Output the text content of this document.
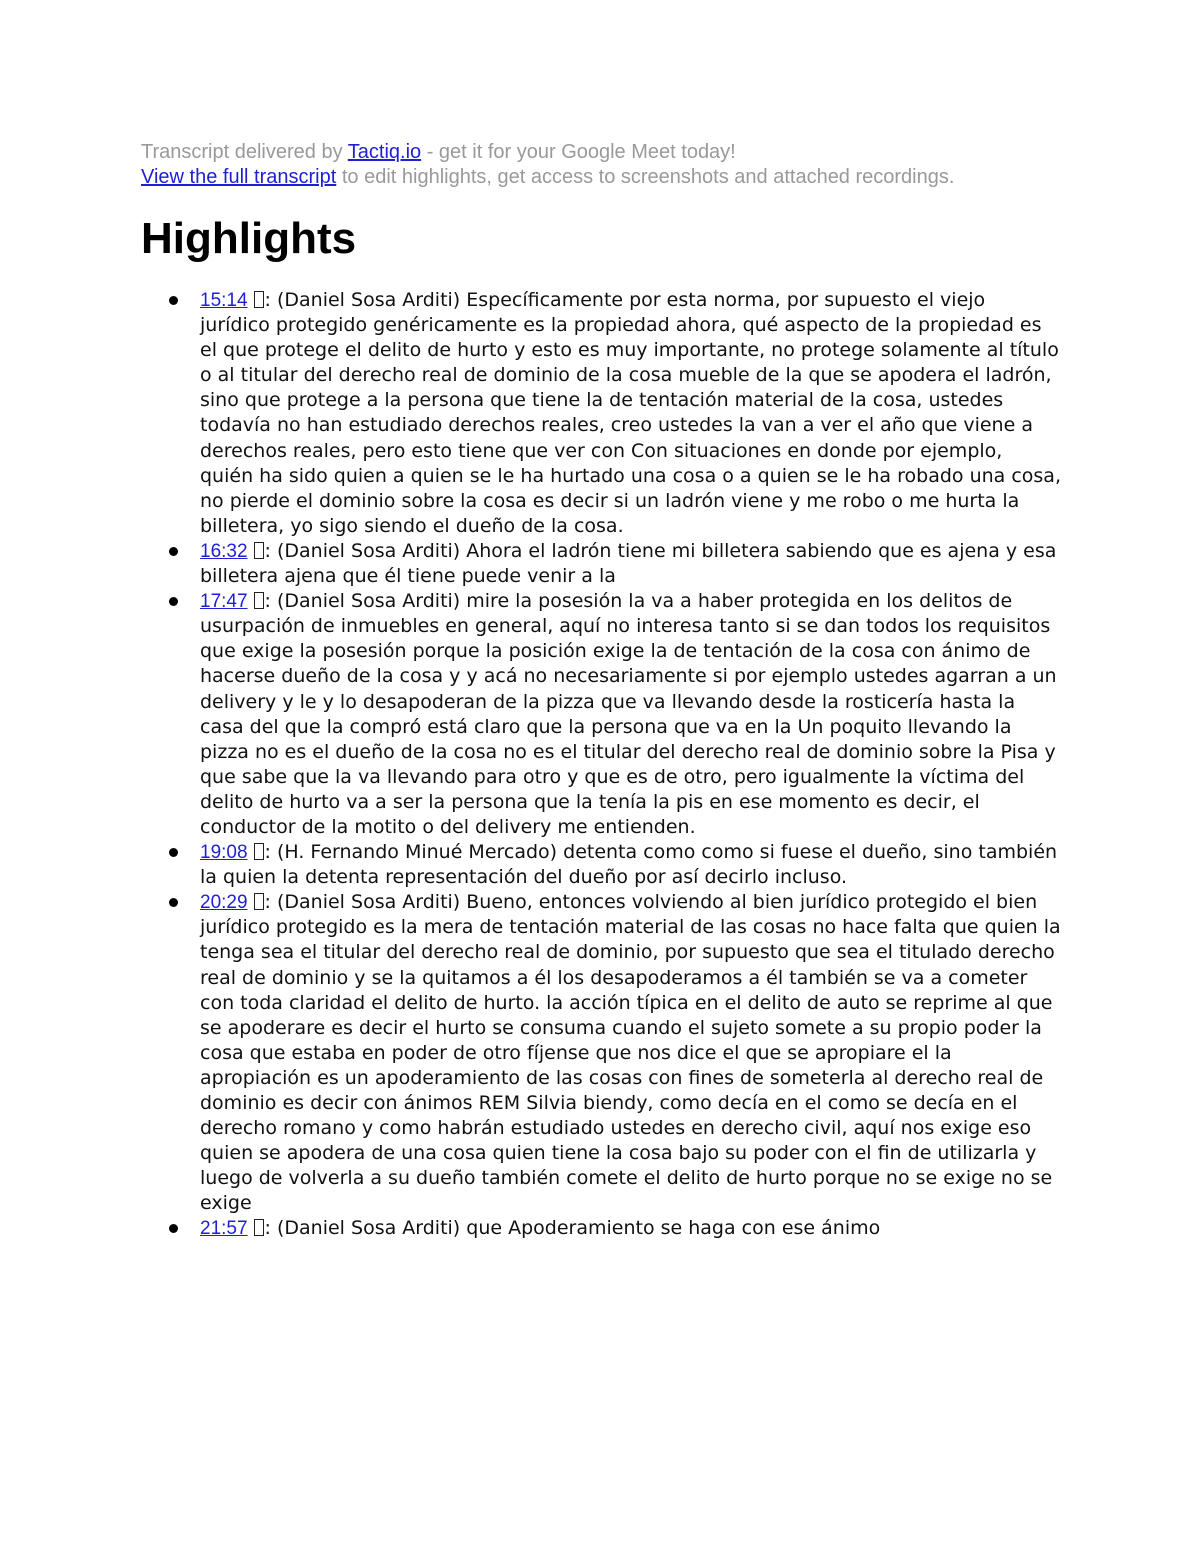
Transcript delivered by Tactiq.io - get it for your Google Meet today!
View the full transcript to edit highlights, get access to screenshots and attached recordings.
Highlights
15:14 : (Daniel Sosa Arditi) Específicamente por esta norma, por supuesto el viejo jurídico protegido genéricamente es la propiedad ahora, qué aspecto de la propiedad es el que protege el delito de hurto y esto es muy importante, no protege solamente al título o al titular del derecho real de dominio de la cosa mueble de la que se apodera el ladrón, sino que protege a la persona que tiene la de tentación material de la cosa, ustedes todavía no han estudiado derechos reales, creo ustedes la van a ver el año que viene a derechos reales, pero esto tiene que ver con Con situaciones en donde por ejemplo, quién ha sido quien a quien se le ha hurtado una cosa o a quien se le ha robado una cosa, no pierde el dominio sobre la cosa es decir si un ladrón viene y me robo o me hurta la billetera, yo sigo siendo el dueño de la cosa.
16:32 : (Daniel Sosa Arditi) Ahora el ladrón tiene mi billetera sabiendo que es ajena y esa billetera ajena que él tiene puede venir a la
17:47 : (Daniel Sosa Arditi) mire la posesión la va a haber protegida en los delitos de usurpación de inmuebles en general, aquí no interesa tanto si se dan todos los requisitos que exige la posesión porque la posición exige la de tentación de la cosa con ánimo de hacerse dueño de la cosa y y acá no necesariamente si por ejemplo ustedes agarran a un delivery y le y lo desapoderan de la pizza que va llevando desde la rosticería hasta la casa del que la compró está claro que la persona que va en la Un poquito llevando la pizza no es el dueño de la cosa no es el titular del derecho real de dominio sobre la Pisa y que sabe que la va llevando para otro y que es de otro, pero igualmente la víctima del delito de hurto va a ser la persona que la tenía la pis en ese momento es decir, el conductor de la motito o del delivery me entienden.
19:08 : (H. Fernando Minué Mercado) detenta como como si fuese el dueño, sino también la quien la detenta representación del dueño por así decirlo incluso.
20:29 : (Daniel Sosa Arditi) Bueno, entonces volviendo al bien jurídico protegido el bien jurídico protegido es la mera de tentación material de las cosas no hace falta que quien la tenga sea el titular del derecho real de dominio, por supuesto que sea el titulado derecho real de dominio y se la quitamos a él los desapoderamos a él también se va a cometer con toda claridad el delito de hurto. la acción típica en el delito de auto se reprime al que se apoderare es decir el hurto se consuma cuando el sujeto somete a su propio poder la cosa que estaba en poder de otro fíjense que nos dice el que se apropiare el la apropiación es un apoderamiento de las cosas con fines de someterla al derecho real de dominio es decir con ánimos REM Silvia biendy, como decía en el como se decía en el derecho romano y como habrán estudiado ustedes en derecho civil, aquí nos exige eso quien se apodera de una cosa quien tiene la cosa bajo su poder con el fin de utilizarla y luego de volverla a su dueño también comete el delito de hurto porque no se exige no se exige
21:57 : (Daniel Sosa Arditi) que Apoderamiento se haga con ese ánimo
